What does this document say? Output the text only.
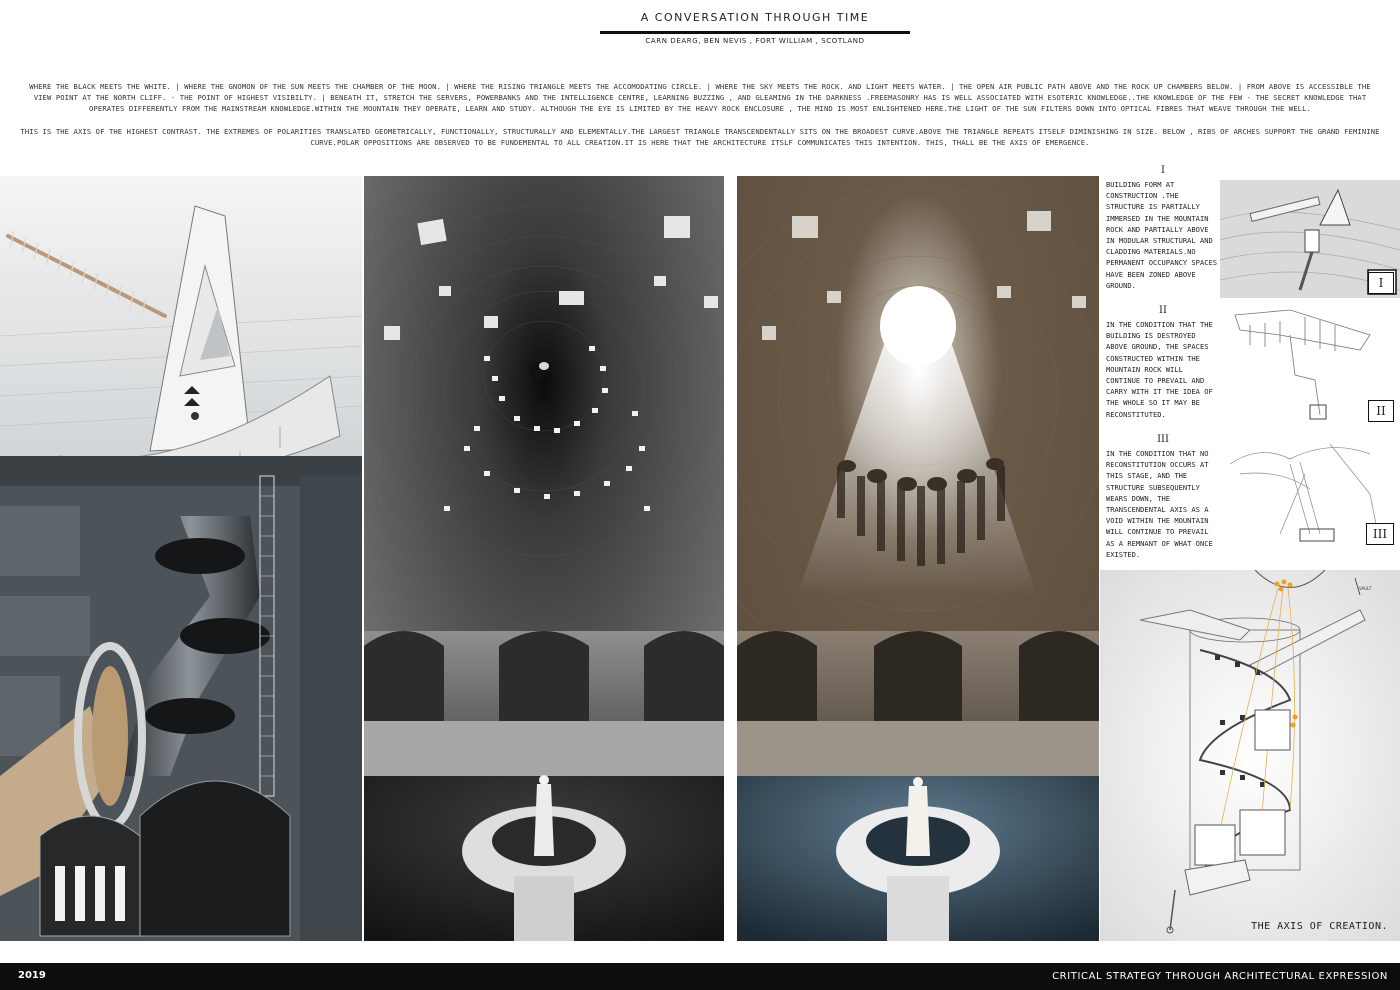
A CONVERSATION THROUGH TIME
CARN DEARG, BEN NEVIS , FORT WILLIAM , SCOTLAND
WHERE THE BLACK MEETS THE WHITE. | WHERE THE GNOMON OF THE SUN MEETS THE CHAMBER OF THE MOON. | WHERE THE RISING TRIANGLE MEETS THE ACCOMODATING CIRCLE. | WHERE THE SKY MEETS THE ROCK. AND LIGHT MEETS WATER. | THE OPEN AIR PUBLIC PATH ABOVE AND THE ROCK UP CHAMBERS BELOW. | FROM ABOVE IS ACCESSIBLE THE VIEW POINT AT THE NORTH CLIFF. - THE POINT OF HIGHEST VISIBILTY. | BENEATH IT, STRETCH THE SERVERS, POWERBANKS AND THE INTELLIGENCE CENTRE, LEARNING BUZZING , AND GLEAMING IN THE DARKNESS .FREEMASONRY HAS IS WELL ASSOCIATED WITH ESOTERIC KNOWLEDGE..THE KNOWLEDGE OF THE FEW - THE SECRET KNOWLEDGE THAT OPERATES DIFFERENTLY FROM THE MAINSTREAM KNOWLEDGE.WITHIN THE MOUNTAIN THEY OPERATE, LEARN AND STUDY. ALTHOUGH THE EYE IS LIMITED BY THE HEAVY ROCK ENCLOSURE , THE MIND IS MOST ENLIGHTENED HERE.THE LIGHT OF THE SUN FILTERS DOWN INTO OPTICAL FIBRES THAT WEAVE THROUGH THE WELL.
THIS IS THE AXIS OF THE HIGHEST CONTRAST. THE EXTREMES OF POLARITIES TRANSLATED GEOMETRICALLY, FUNCTIONALLY, STRUCTURALLY AND ELEMENTALLY.THE LARGEST TRIANGLE TRANSCENDENTALLY SITS ON THE BROADEST CURVE.ABOVE THE TRIANGLE REPEATS ITSELF DIMINISHING IN SIZE. BELOW , RIBS OF ARCHES SUPPORT THE GRAND FEMININE CURVE.POLAR OPPOSITIONS ARE OBSERVED TO BE FUNDEMENTAL TO ALL CREATION.IT IS HERE THAT THE ARCHITECTURE ITSLF COMMUNICATES THIS INTENTION. THIS, THALL BE THE AXIS OF EMERGENCE.
I
BUILDING FORM AT CONSTRUCTION .THE STRUCTURE IS PARTIALLY IMMERSED IN THE MOUNTAIN ROCK AND PARTIALLY ABOVE IN MODULAR STRUCTURAL AND CLADDING MATERIALS.NO PERMANENT OCCUPANCY SPACES HAVE BEEN ZONED ABOVE GROUND.	I
II
IN THE CONDITION THAT THE BUILDING IS DESTROYED ABOVE GROUND, THE SPACES CONSTRUCTED WITHIN THE MOUNTAIN ROCK WILL CONTINUE TO PREVAIL AND CARRY WITH IT THE IDEA OF THE WHOLE SO IT MAY BE RECONSTITUTED.	II
III
IN THE CONDITION THAT NO RECONSTITUTION OCCURS AT THIS STAGE, AND THE STRUCTURE SUBSEQUENTLY WEARS DOWN, THE TRANSCENDENTAL AXIS AS A VOID WITHIN THE MOUNTAIN WILL CONTINUE TO PREVAIL AS A REMNANT OF WHAT ONCE EXISTED.
III
VAULT
THE AXIS OF CREATION.
2019	CRITICAL STRATEGY THROUGH ARCHITECTURAL EXPRESSION
